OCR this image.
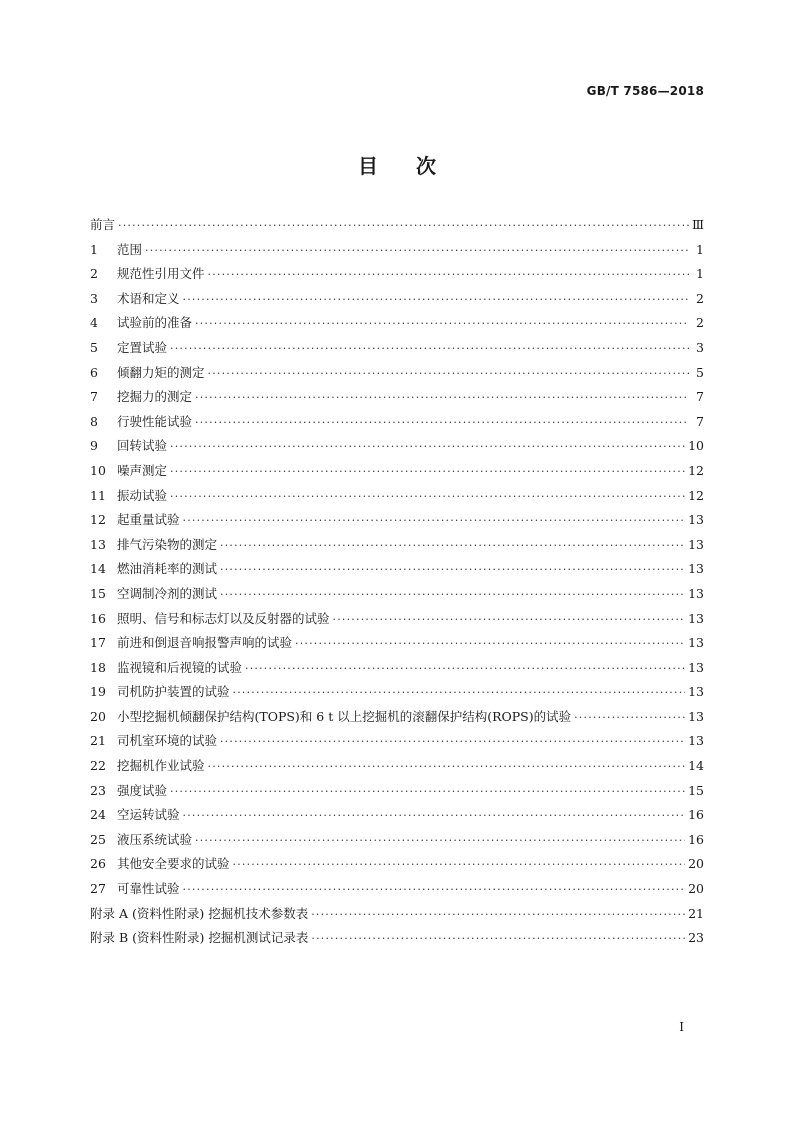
GB/T 7586—2018
目 次
前言 ·····	Ⅲ
1 范围 ·····	1
2 规范性引用文件 ·····	1
3 术语和定义 ·····	2
4 试验前的准备 ·····	2
5 定置试验 ·····	3
6 倾翻力矩的测定 ·····	5
7 挖掘力的测定 ·····	7
8 行驶性能试验 ·····	7
9 回转试验 ·····	10
10 噪声测定 ·····	12
11 振动试验 ·····	12
12 起重量试验 ·····	13
13 排气污染物的测定 ·····	13
14 燃油消耗率的测试 ·····	13
15 空调制冷剂的测试 ·····	13
16 照明、信号和标志灯以及反射器的试验 ·····	13
17 前进和倒退音响报警声响的试验 ·····	13
18 监视镜和后视镜的试验 ·····	13
19 司机防护装置的试验 ·····	13
20 小型挖掘机倾翻保护结构(TOPS)和 6 t 以上挖掘机的滚翻保护结构(ROPS)的试验 ·····	13
21 司机室环境的试验 ·····	13
22 挖掘机作业试验 ·····	14
23 强度试验 ·····	15
24 空运转试验 ·····	16
25 液压系统试验 ·····	16
26 其他安全要求的试验 ·····	20
27 可靠性试验 ·····	20
附录 A (资料性附录) 挖掘机技术参数表 ·····	21
附录 B (资料性附录) 挖掘机测试记录表 ·····	23
I
